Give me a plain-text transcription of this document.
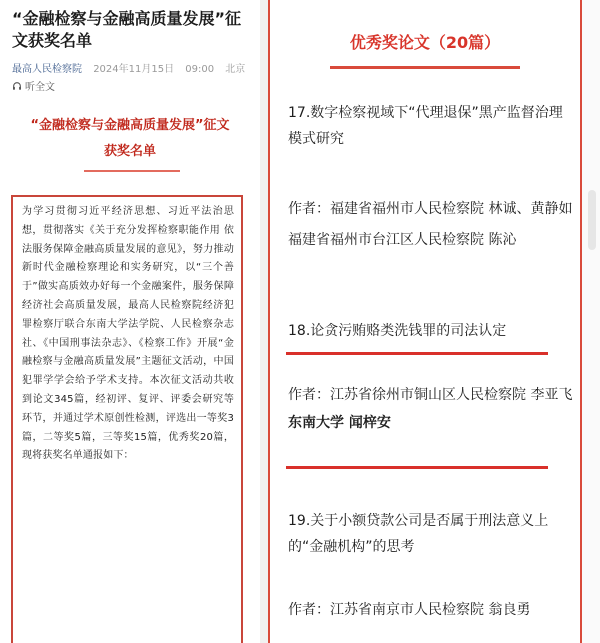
“金融检察与金融高质量发展”征文获奖名单
最高人民检察院 2024年11月15日 09:00 北京
听全文
“金融检察与金融高质量发展”征文
获奖名单
为学习贯彻习近平经济思想、习近平法治思想，贯彻落实《关于充分发挥检察职能作用 依法服务保障金融高质量发展的意见》，努力推动新时代金融检察理论和实务研究，以“三个善于”做实高质效办好每一个金融案件，服务保障经济社会高质量发展，最高人民检察院经济犯罪检察厅联合东南大学法学院、人民检察杂志社、《中国刑事法杂志》、《检察工作》开展“金融检察与金融高质量发展”主题征文活动，中国犯罪学学会给予学术支持。本次征文活动共收到论文345篇，经初评、复评、评委会研究等环节，并通过学术原创性检测，评选出一等奖3篇，二等奖5篇，三等奖15篇，优秀奖20篇，现将获奖名单通报如下：
优秀奖论文（20篇）
17.数字检察视域下“代理退保”黑产监督治理模式研究
作者：福建省福州市人民检察院 林诚、黄静如
福建省福州市台江区人民检察院 陈沁
18.论贪污贿赂类洗钱罪的司法认定
作者：江苏省徐州市铜山区人民检察院 李亚飞
东南大学 闻梓安
19.关于小额贷款公司是否属于刑法意义上的“金融机构”的思考
作者：江苏省南京市人民检察院 翁良勇
